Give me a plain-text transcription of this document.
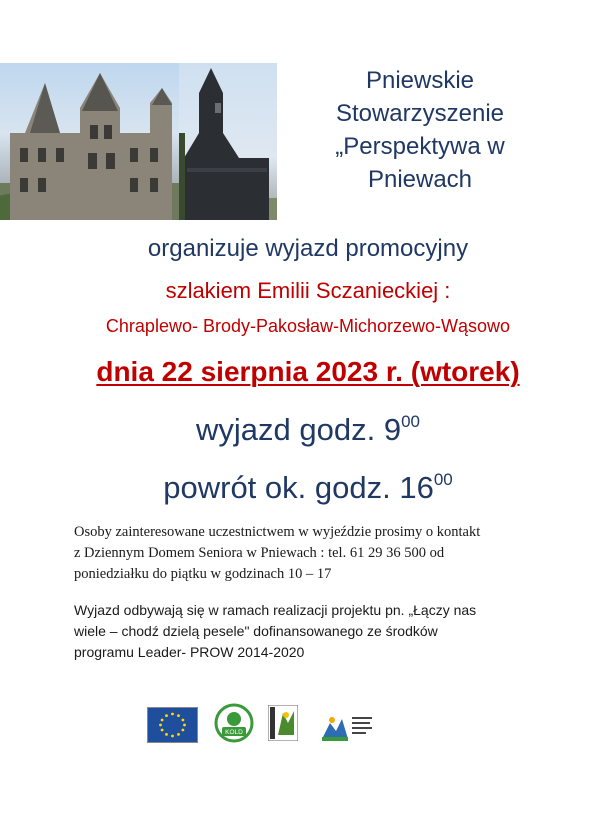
Pniewskie
Stowarzyszenie
„Perspektywa w
Pniewach
organizuje wyjazd promocyjny
szlakiem Emilii Sczanieckiej :
Chraplewo- Brody-Pakosław-Michorzewo-Wąsowo
dnia 22 sierpnia 2023 r. (wtorek)
wyjazd godz. $9^{00}$
powrót ok. godz. $16^{00}$
Osoby zainteresowane uczestnictwem w wyjeździe prosimy o kontakt
z Dziennym Domem Seniora w Pniewach : tel. 61 29 36 500 od
poniedziałku do piątku w godzinach 10 – 17
Wyjazd odbywają się w ramach realizacji projektu pn. „Łączy nas
wiele – chodź dzielą pesele" dofinansowanego ze środków
programu Leader- PROW 2014-2020
KOLD
